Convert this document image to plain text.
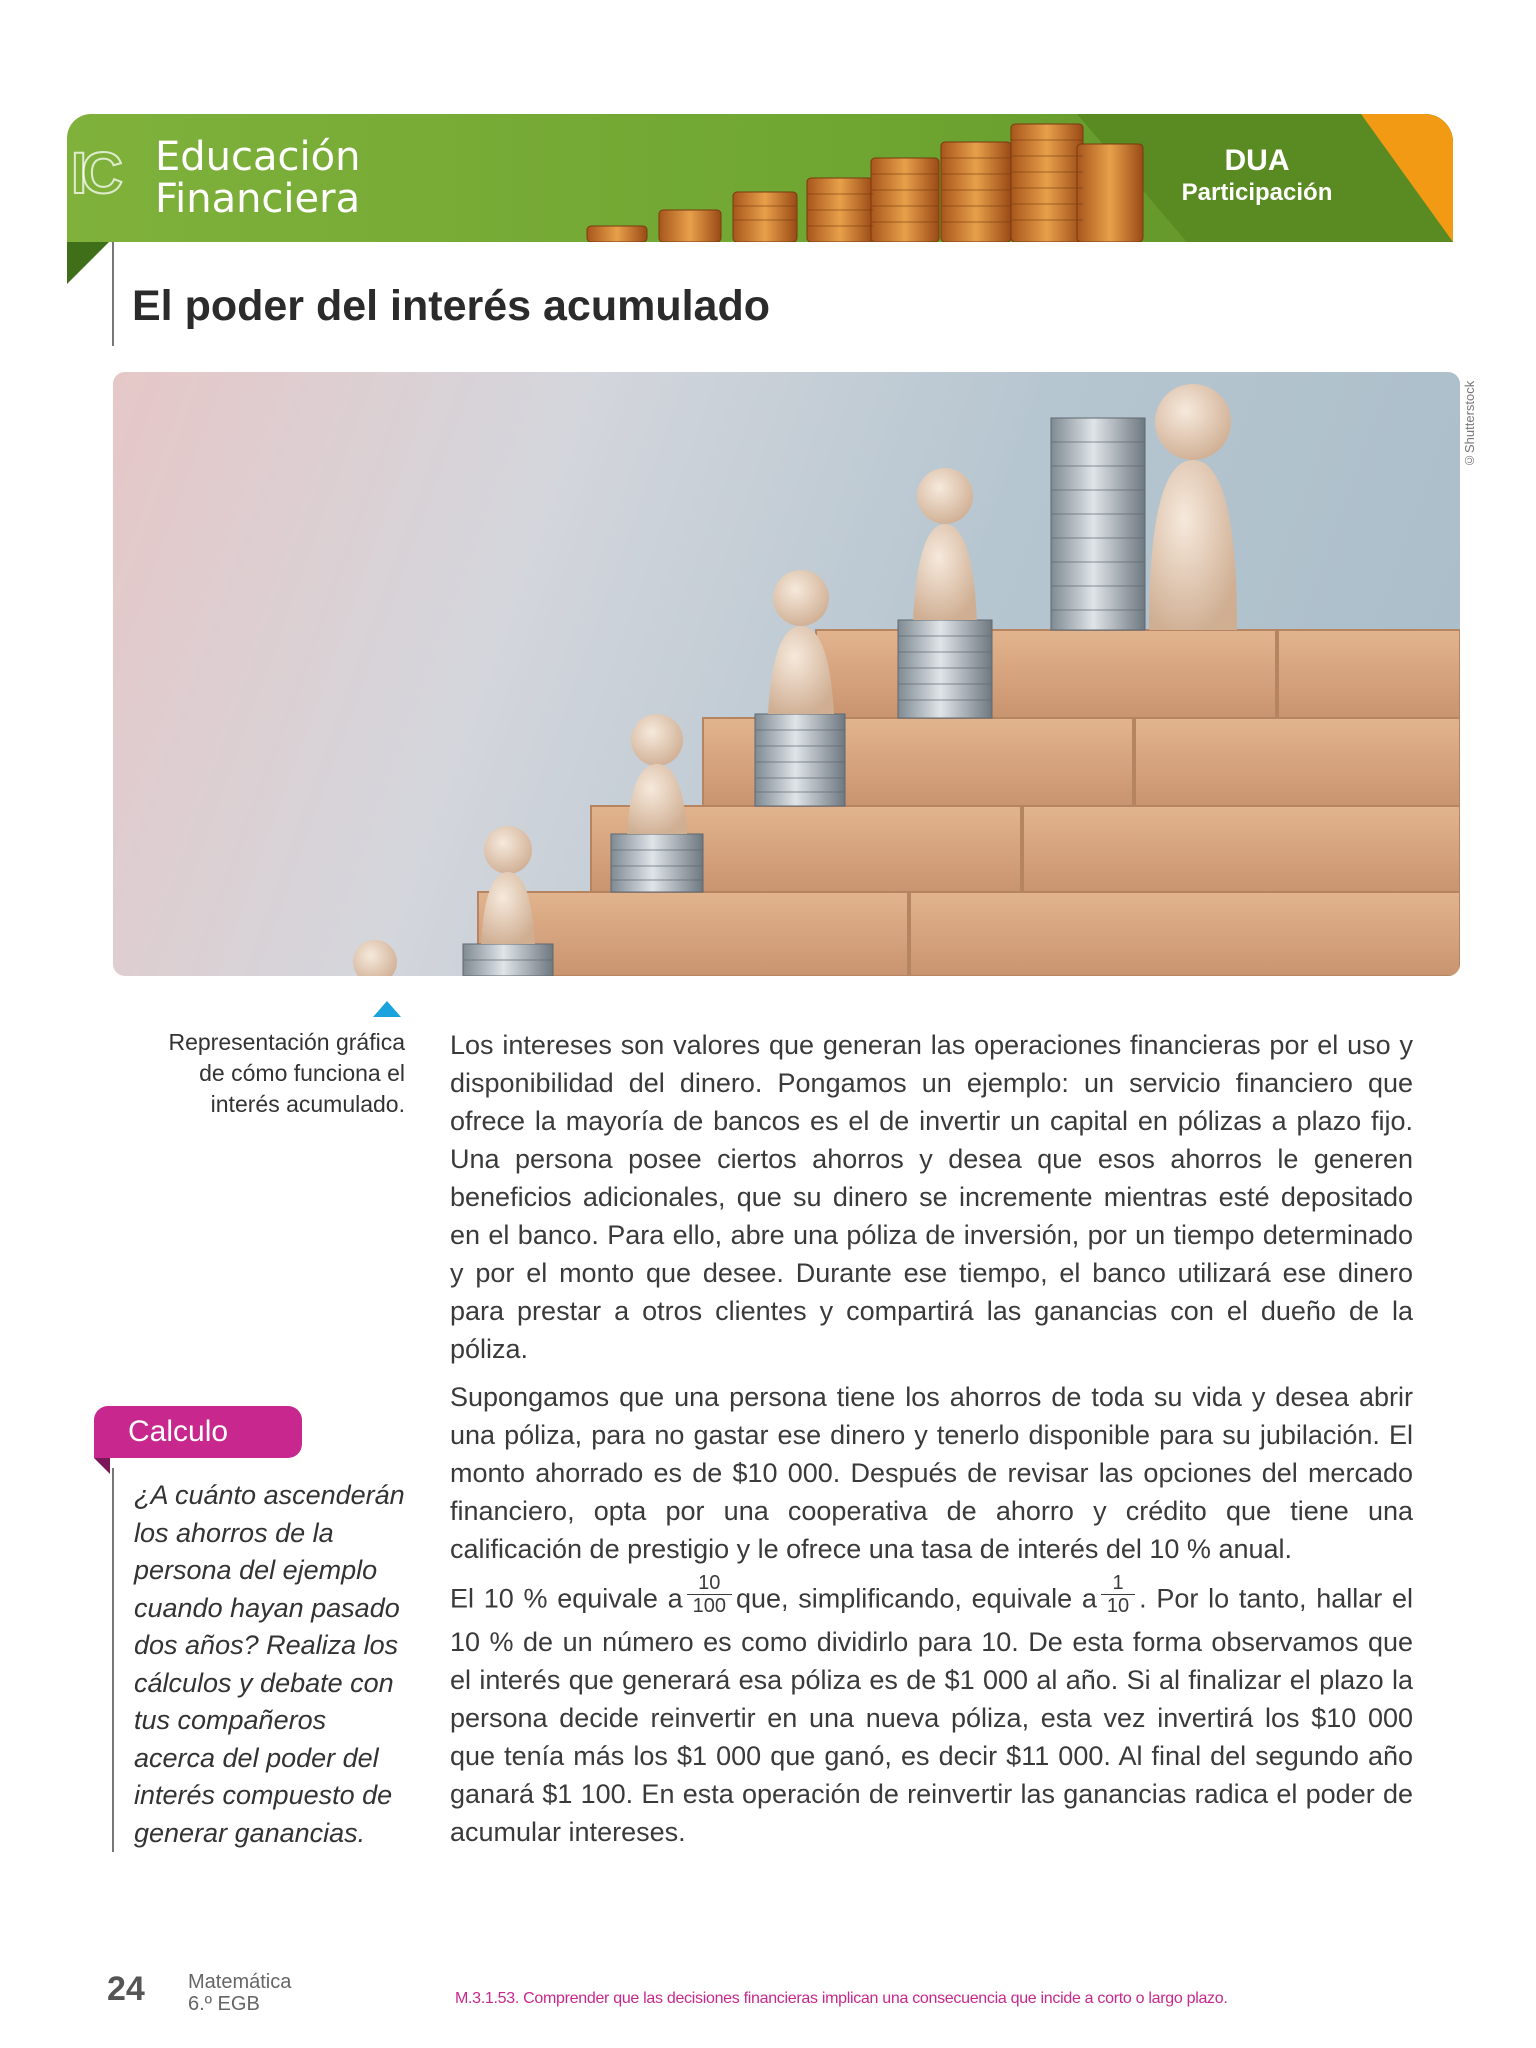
IC Educación
Financiera
DUA
Participación
El poder del interés acumulado
©Shutterstock
Representación gráfica de cómo funciona el interés acumulado.

Los intereses son valores que generan las operaciones financieras por el uso y disponibilidad del dinero. Pongamos un ejemplo: un servicio financiero que ofrece la mayoría de bancos es el de invertir un capital en pólizas a plazo fijo. Una persona posee ciertos ahorros y desea que esos ahorros le generen beneficios adicionales, que su dinero se incremente mientras esté depositado en el banco. Para ello, abre una póliza de inversión, por un tiempo determinado y por el monto que desee. Durante ese tiempo, el banco utilizará ese dinero para prestar a otros clientes y compartirá las ganancias con el dueño de la póliza.

Supongamos que una persona tiene los ahorros de toda su vida y desea abrir una póliza, para no gastar ese dinero y tenerlo disponible para su jubilación. El monto ahorrado es de $10 000. Después de revisar las opciones del mercado financiero, opta por una cooperativa de ahorro y crédito que tiene una calificación de prestigio y le ofrece una tasa de interés del 10 % anual.

El 10 % equivale a $\frac{10}{100}$ que, simplificando, equivale a $\frac{1}{10}$ . Por lo tanto, hallar el 10 % de un número es como dividirlo para 10. De esta forma observamos que el interés que generará esa póliza es de $1 000 al año. Si al finalizar el plazo la persona decide reinvertir en una nueva póliza, esta vez invertirá los $10 000 que tenía más los $1 000 que ganó, es decir $11 000. Al final del segundo año ganará $1 100. En esta operación de reinvertir las ganancias radica el poder de acumular intereses.

Calculo
¿A cuánto ascenderán los ahorros de la persona del ejemplo cuando hayan pasado dos años? Realiza los cálculos y debate con tus compañeros acerca del poder del interés compuesto de generar ganancias.
24 Matemática
6.º EGB	M.3.1.53. Comprender que las decisiones financieras implican una consecuencia que incide a corto o largo plazo.
